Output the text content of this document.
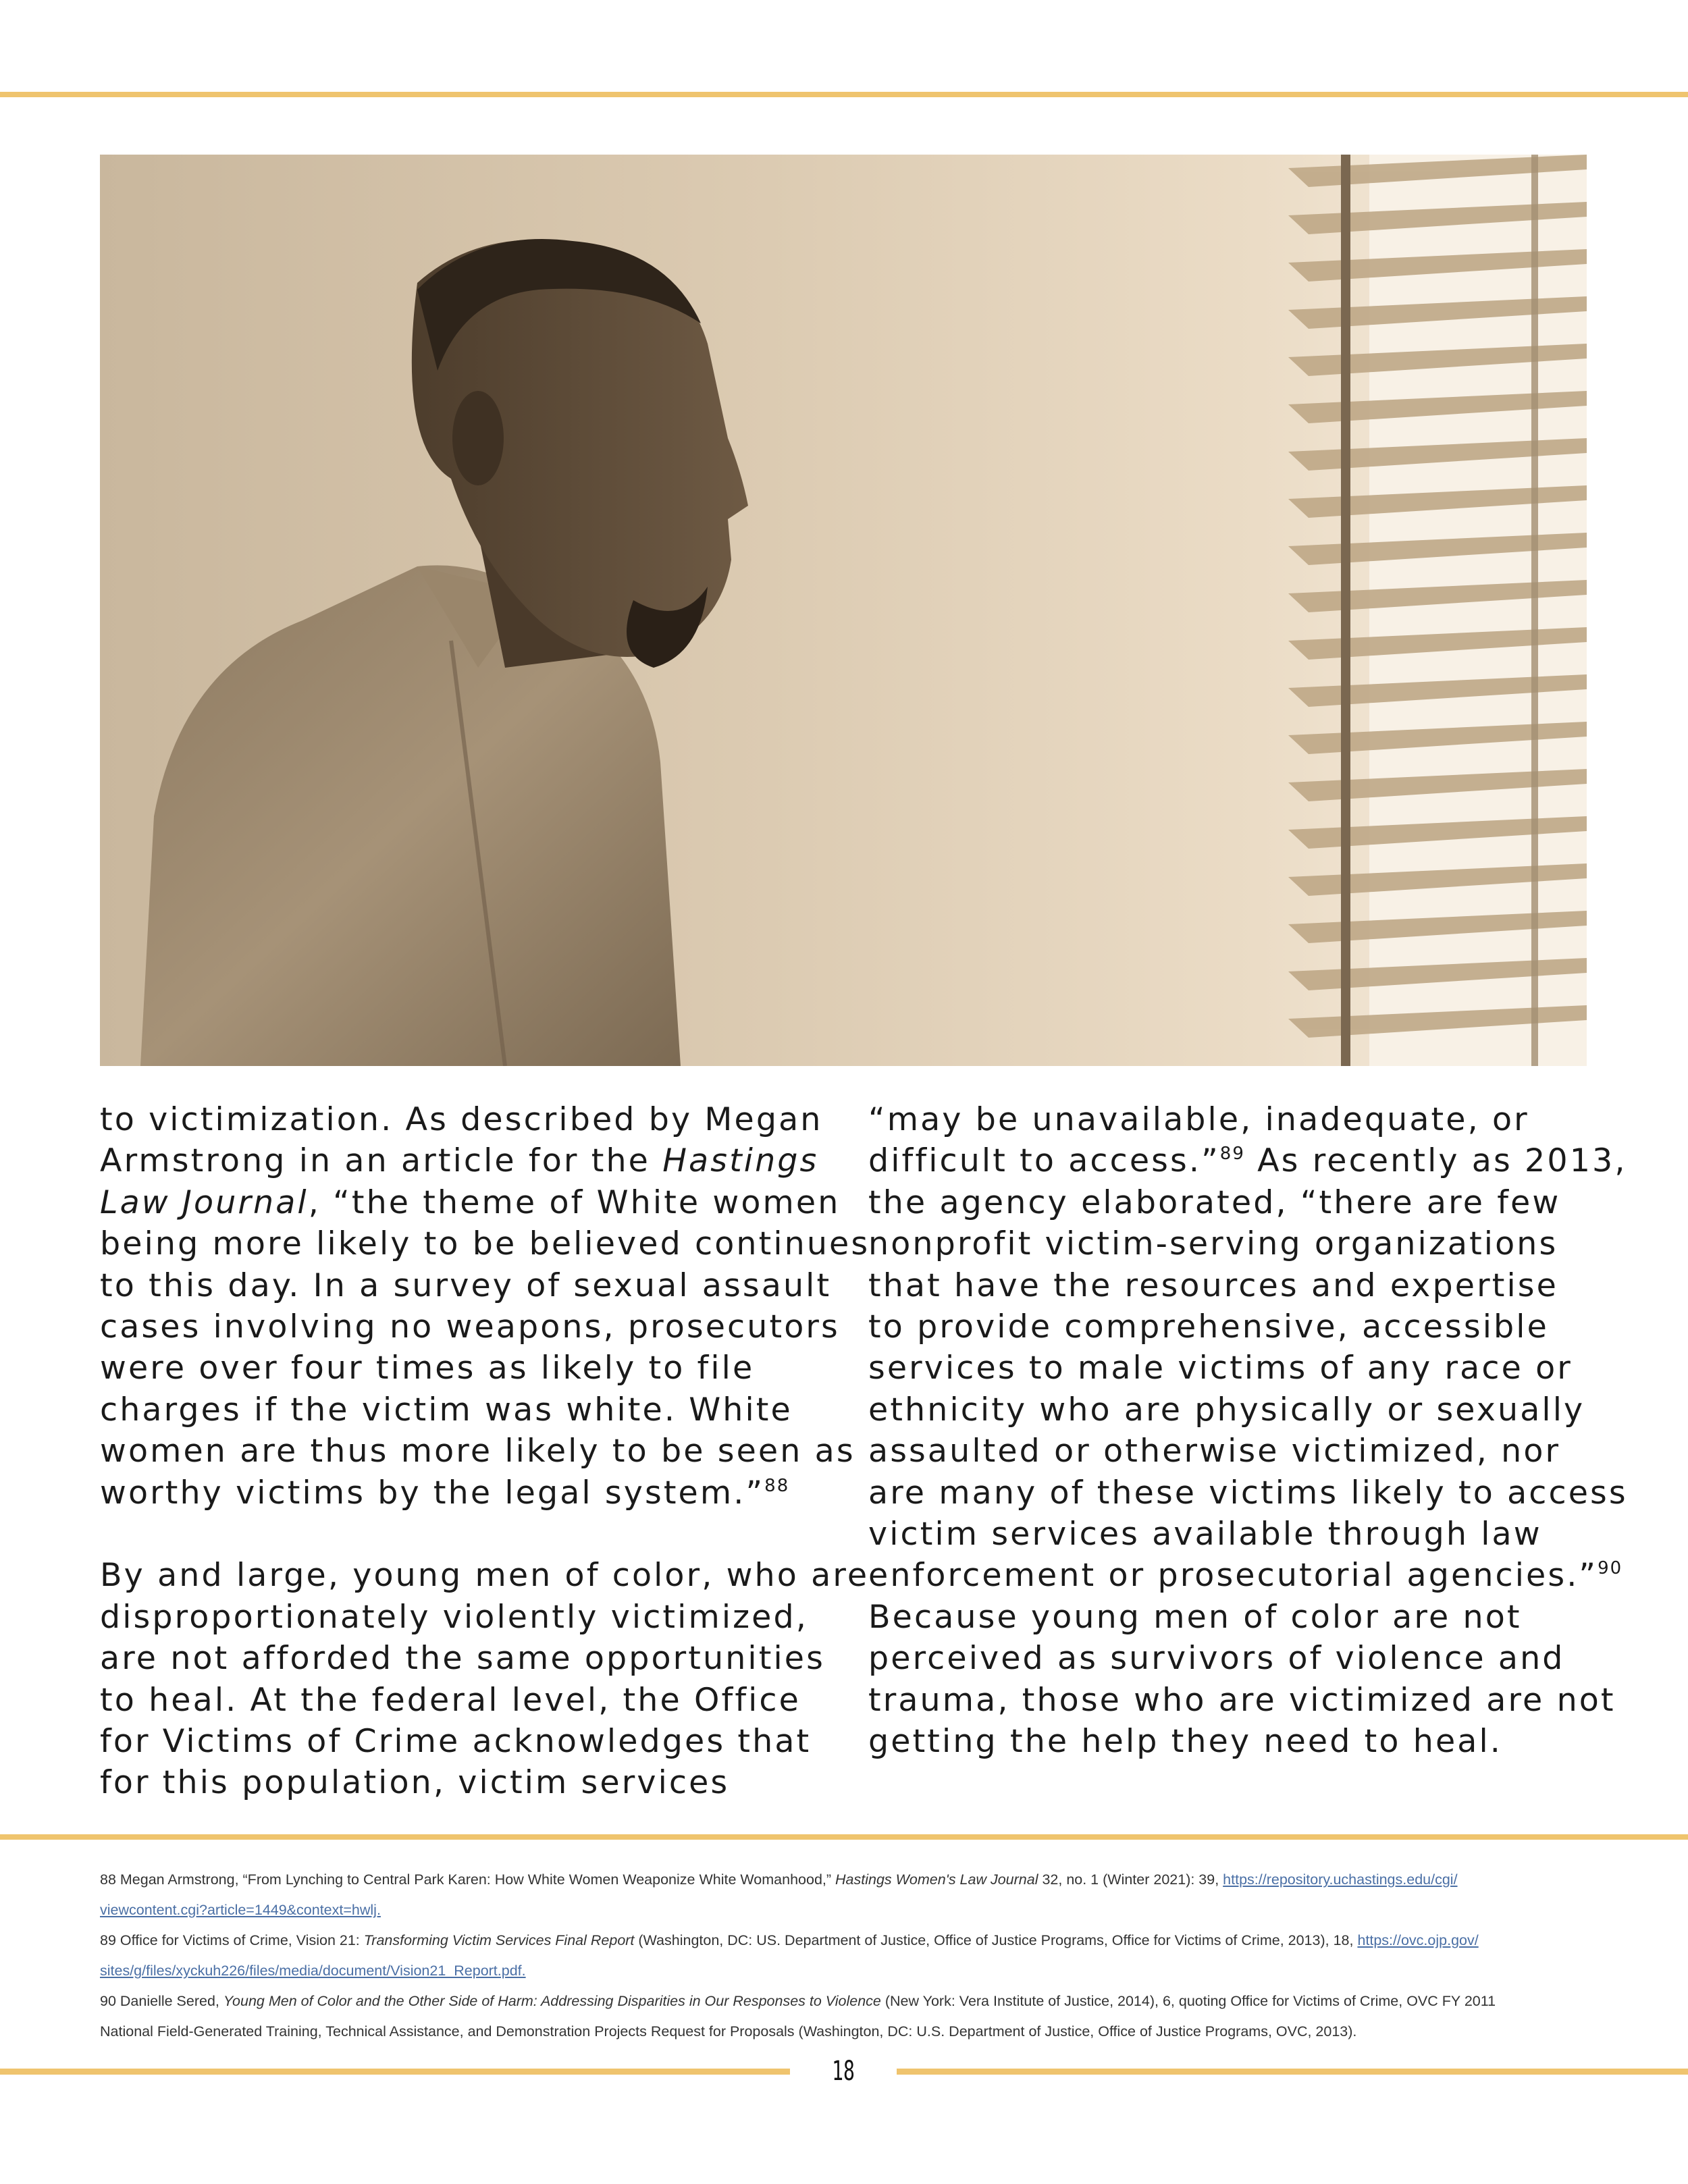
to victimization. As described by Megan
Armstrong in an article for the Hastings
Law Journal, “the theme of White women
being more likely to be believed continues
to this day. In a survey of sexual assault
cases involving no weapons, prosecutors
were over four times as likely to file
charges if the victim was white. White
women are thus more likely to be seen as
worthy victims by the legal system.”$^{88}$

By and large, young men of color, who are
disproportionately violently victimized,
are not afforded the same opportunities
to heal. At the federal level, the Office
for Victims of Crime acknowledges that
for this population, victim services

“may be unavailable, inadequate, or
difficult to access.”$^{89}$ As recently as 2013,
the agency elaborated, “there are few
nonprofit victim-serving organizations
that have the resources and expertise
to provide comprehensive, accessible
services to male victims of any race or
ethnicity who are physically or sexually
assaulted or otherwise victimized, nor
are many of these victims likely to access
victim services available through law
enforcement or prosecutorial agencies.”$^{90}$
Because young men of color are not
perceived as survivors of violence and
trauma, those who are victimized are not
getting the help they need to heal.

88 Megan Armstrong, “From Lynching to Central Park Karen: How White Women Weaponize White Womanhood,” Hastings Women's Law Journal 32, no. 1 (Winter 2021): 39, https://repository.uchastings.edu/cgi/
viewcontent.cgi?article=1449&context=hwlj.
89 Office for Victims of Crime, Vision 21: Transforming Victim Services Final Report (Washington, DC: US. Department of Justice, Office of Justice Programs, Office for Victims of Crime, 2013), 18, https://ovc.ojp.gov/
sites/g/files/xyckuh226/files/media/document/Vision21_Report.pdf.
90 Danielle Sered, Young Men of Color and the Other Side of Harm: Addressing Disparities in Our Responses to Violence (New York: Vera Institute of Justice, 2014), 6, quoting Office for Victims of Crime, OVC FY 2011
National Field-Generated Training, Technical Assistance, and Demonstration Projects Request for Proposals (Washington, DC: U.S. Department of Justice, Office of Justice Programs, OVC, 2013).
18
